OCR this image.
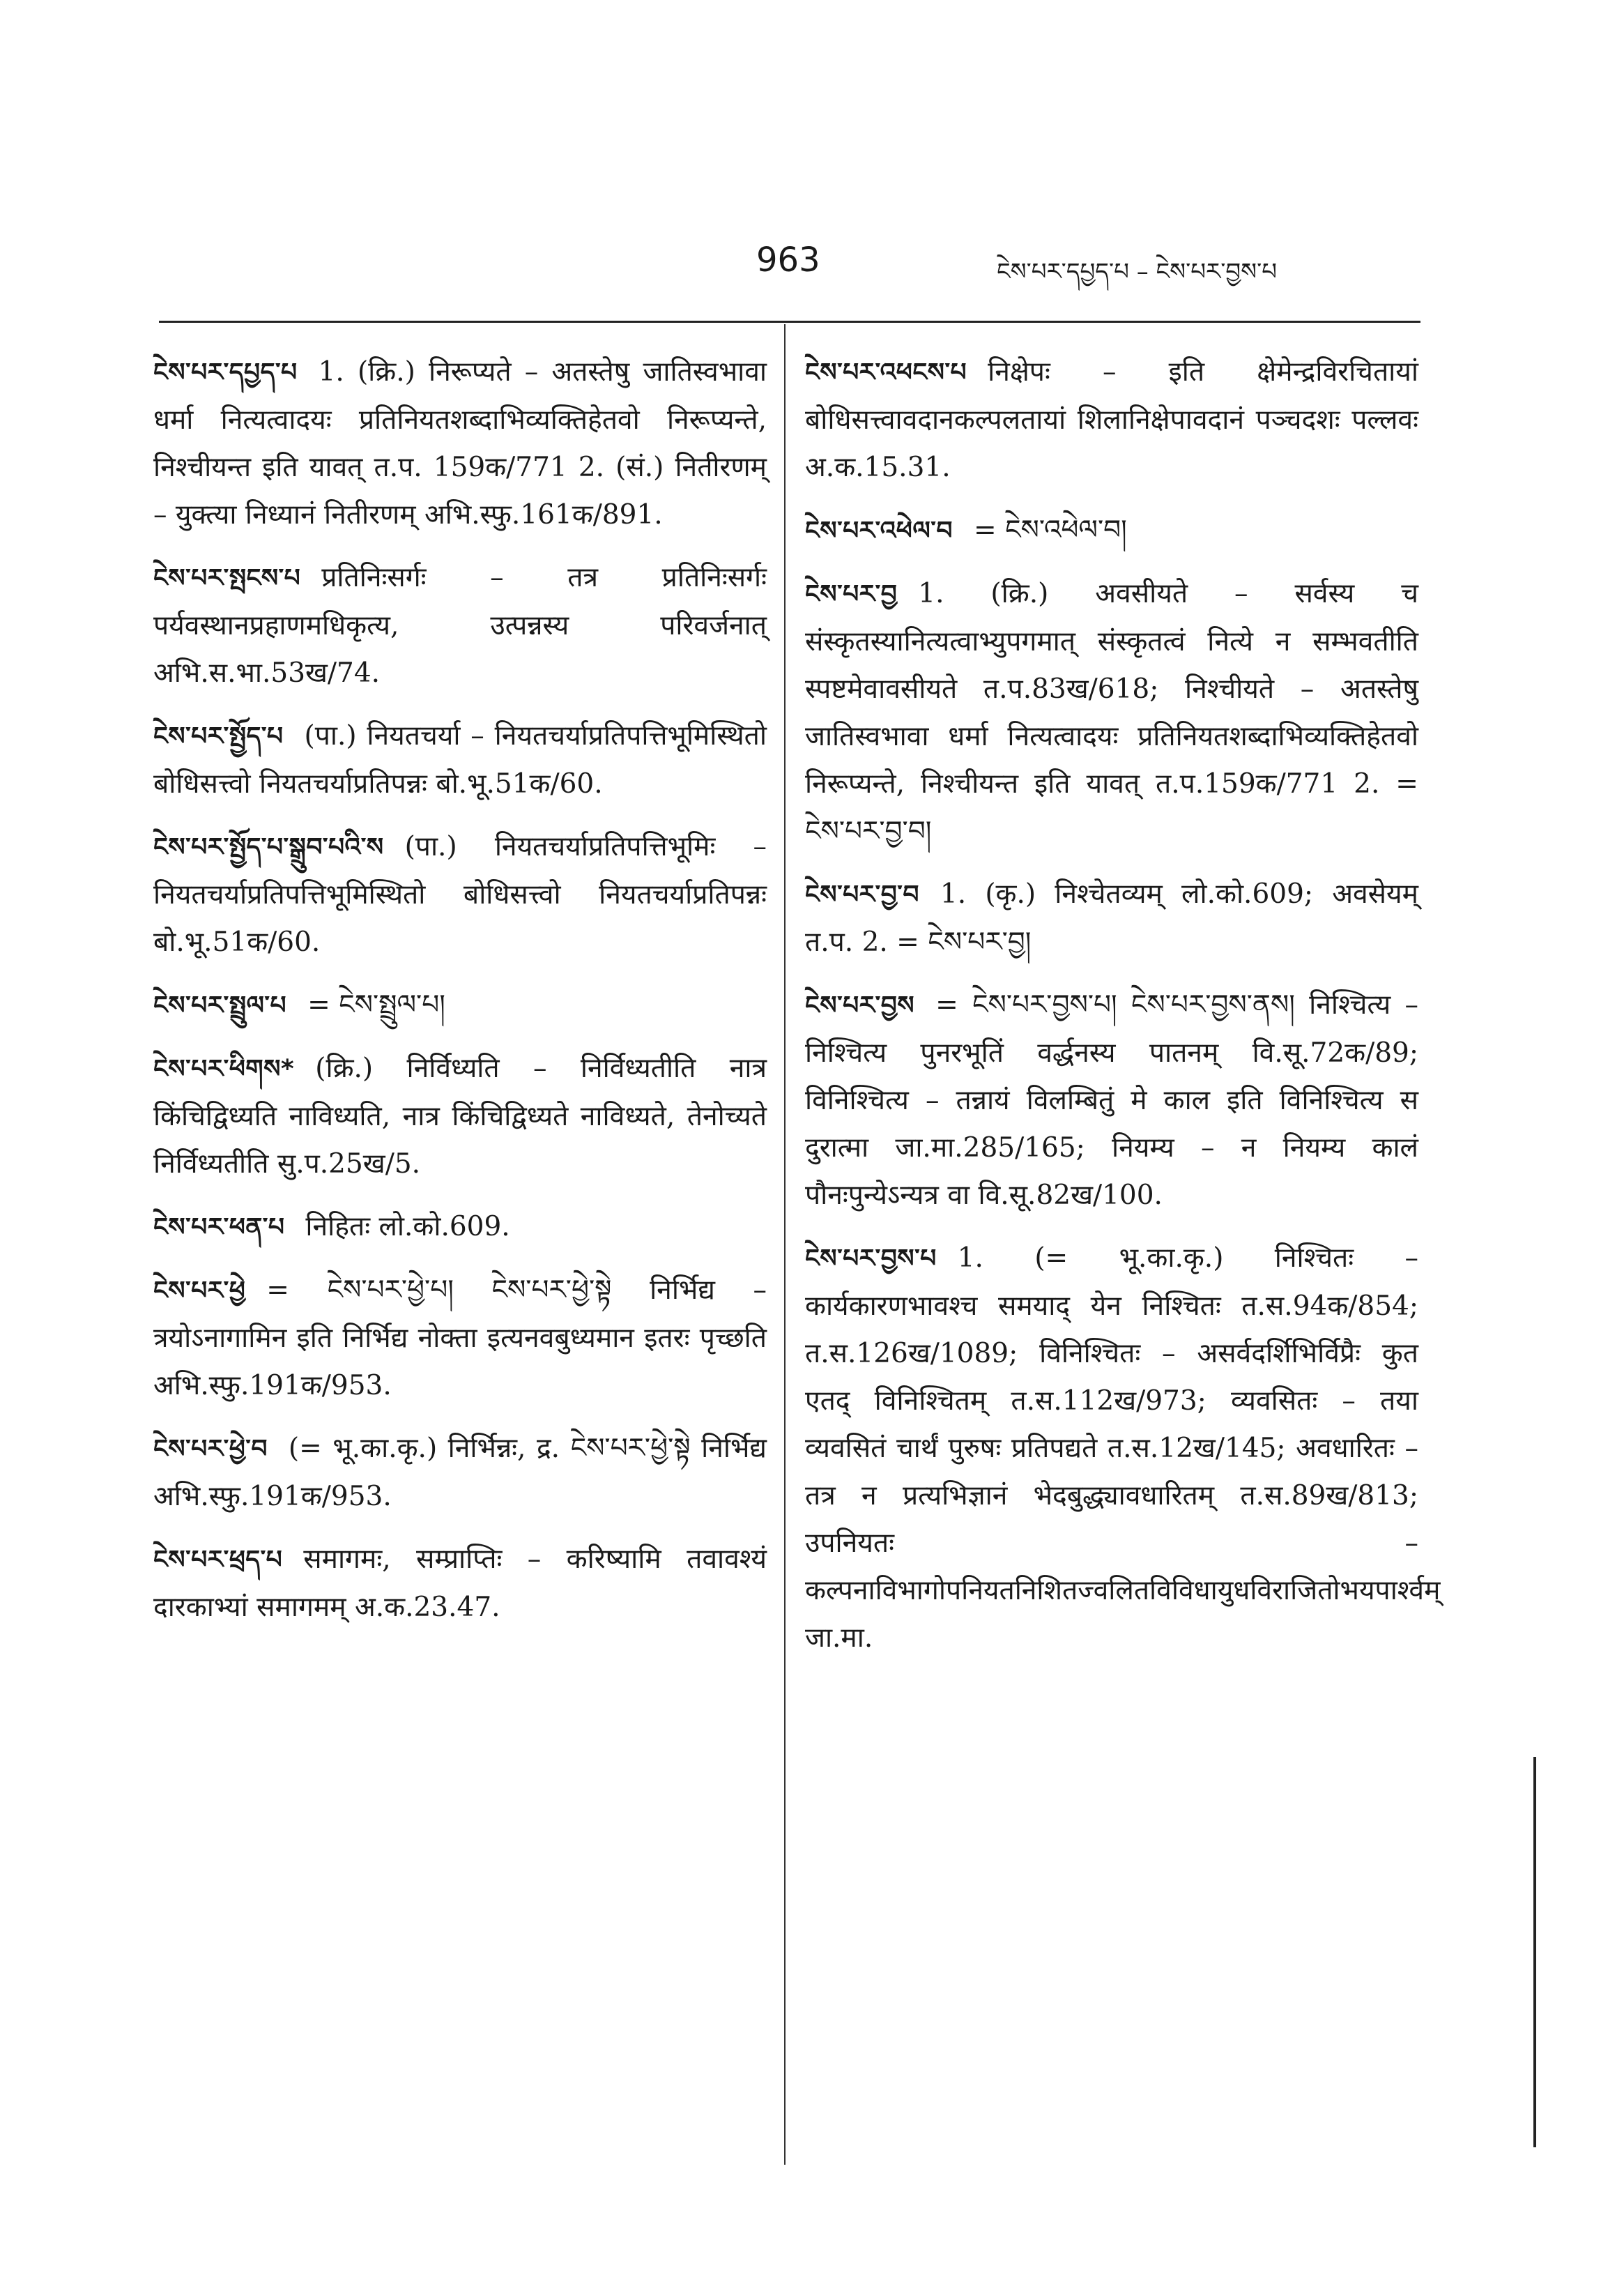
963	ངེས་པར་དཔྱད་པ – ངེས་པར་བྱས་པ
ངེས་པར་དཔྱད་པ 1. (क्रि.) निरूप्यते – अतस्तेषु जातिस्वभावा धर्मा नित्यत्वादयः प्रतिनियतशब्दाभिव्यक्तिहेतवो निरूप्यन्ते, निश्चीयन्त इति यावत् त.प. 159क/771 2. (सं.) नितीरणम् – युक्त्या निध्यानं नितीरणम् अभि.स्फु.161क/891.
ངེས་པར་སྤངས་པ प्रतिनिःसर्गः – तत्र प्रतिनिःसर्गः पर्यवस्थानप्रहाणमधिकृत्य, उत्पन्नस्य परिवर्जनात् अभि.स.भा.53ख/74.
ངེས་པར་སྤྱོད་པ (पा.) नियतचर्या – नियतचर्याप्रतिपत्तिभूमिस्थितो बोधिसत्त्वो नियतचर्याप्रतिपन्नः बो.भू.51क/60.
ངེས་པར་སྤྱོད་པ་སྒྲུབ་པའི་ས (पा.) नियतचर्याप्रतिपत्तिभूमिः – नियतचर्याप्रतिपत्तिभूमिस्थितो बोधिसत्त्वो नियतचर्याप्रतिपन्नः बो.भू.51क/60.
ངེས་པར་སྤྲུལ་པ = ངེས་སྤྲུལ་པ།
ངེས་པར་ཕིགས* (क्रि.) निर्विध्यति – निर्विध्यतीति नात्र किंचिद्विध्यति नाविध्यति, नात्र किंचिद्विध्यते नाविध्यते, तेनोच्यते निर्विध्यतीति सु.प.25ख/5.
ངེས་པར་ཕན་པ निहितः लो.को.609.
ངེས་པར་ཕྱེ = ངེས་པར་ཕྱེ་པ། ངེས་པར་ཕྱེ་སྟེ निर्भिद्य – त्रयोऽनागामिन इति निर्भिद्य नोक्ता इत्यनवबुध्यमान इतरः पृच्छति अभि.स्फु.191क/953.
ངེས་པར་ཕྱེ་བ (= भू.का.कृ.) निर्भिन्नः, द्र. ངེས་པར་ཕྱེ་སྟེ निर्भिद्य अभि.स्फु.191क/953.
ངེས་པར་ཕྲད་པ समागमः, सम्प्राप्तिः – करिष्यामि तवावश्यं दारकाभ्यां समागमम् अ.क.23.47.
ངེས་པར་འཕངས་པ निक्षेपः – इति क्षेमेन्द्रविरचितायां बोधिसत्त्वावदानकल्पलतायां शिलानिक्षेपावदानं पञ्चदशः पल्लवः अ.क.15.31.
ངེས་པར་འཕེལ་བ = ངེས་འཕེལ་བ།
ངེས་པར་བྱ 1. (क्रि.) अवसीयते – सर्वस्य च संस्कृतस्यानित्यत्वाभ्युपगमात् संस्कृतत्वं नित्ये न सम्भवतीति स्पष्टमेवावसीयते त.प.83ख/618; निश्चीयते – अतस्तेषु जातिस्वभावा धर्मा नित्यत्वादयः प्रतिनियतशब्दाभिव्यक्तिहेतवो निरूप्यन्ते, निश्चीयन्त इति यावत् त.प.159क/771 2. = ངེས་པར་བྱ་བ།
ངེས་པར་བྱ་བ 1. (कृ.) निश्चेतव्यम् लो.को.609; अवसेयम् त.प. 2. = ངེས་པར་བྱ།
ངེས་པར་བྱས = ངེས་པར་བྱས་པ། ངེས་པར་བྱས་ནས། निश्चित्य – निश्चित्य पुनरभूतिं वर्द्धनस्य पातनम् वि.सू.72क/89; विनिश्चित्य – तन्नायं विलम्बितुं मे काल इति विनिश्चित्य स दुरात्मा जा.मा.285/165; नियम्य – न नियम्य कालं पौनःपुन्येऽन्यत्र वा वि.सू.82ख/100.
ངེས་པར་བྱས་པ 1. (= भू.का.कृ.) निश्चितः – कार्यकारणभावश्च समयाद् येन निश्चितः त.स.94क/854; त.स.126ख/1089; विनिश्चितः – असर्वदर्शिभिर्विप्रैः कुत एतद् विनिश्चितम् त.स.112ख/973; व्यवसितः – तया व्यवसितं चार्थं पुरुषः प्रतिपद्यते त.स.12ख/145; अवधारितः – तत्र न प्रत्यभिज्ञानं भेदबुद्ध्यावधारितम् त.स.89ख/813; उपनियतः – कल्पनाविभागोपनियतनिशितज्वलितविविधायुधविराजितोभयपार्श्वम् जा.मा.
